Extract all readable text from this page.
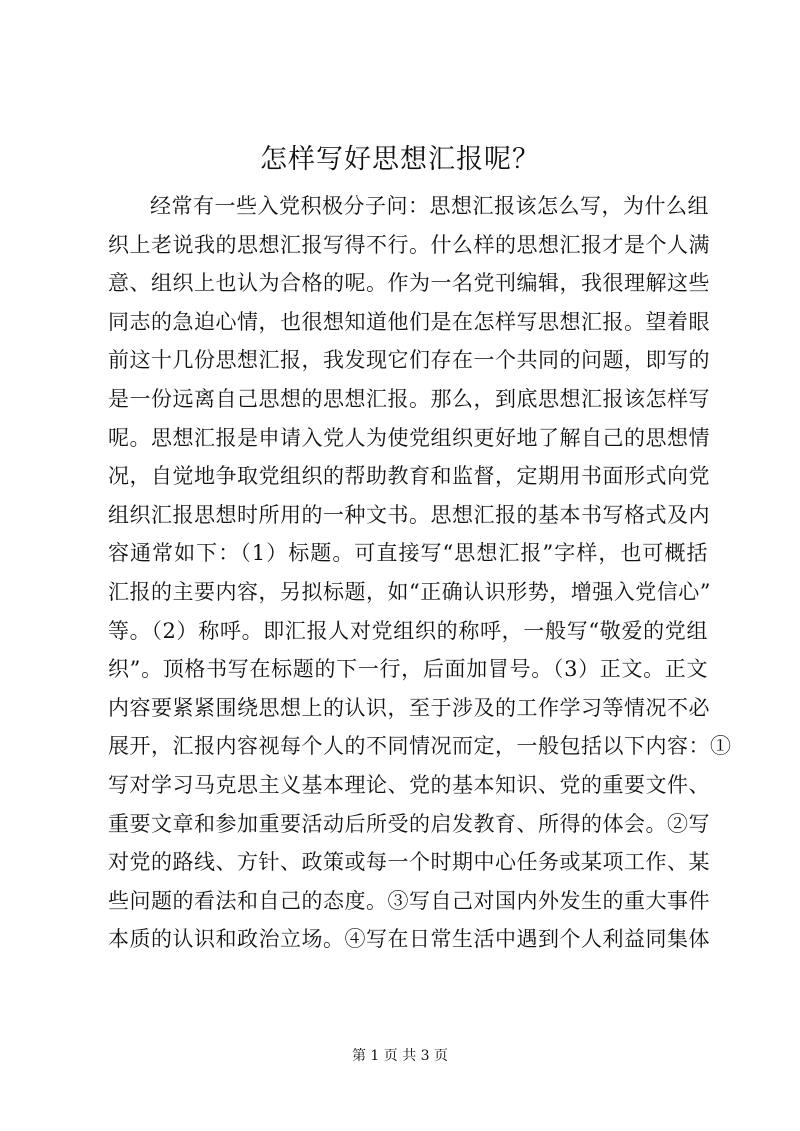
怎样写好思想汇报呢？
经常有一些入党积极分子问：思想汇报该怎么写，为什么组
织上老说我的思想汇报写得不行。什么样的思想汇报才是个人满
意、组织上也认为合格的呢。作为一名党刊编辑，我很理解这些
同志的急迫心情，也很想知道他们是在怎样写思想汇报。望着眼
前这十几份思想汇报，我发现它们存在一个共同的问题，即写的
是一份远离自己思想的思想汇报。那么，到底思想汇报该怎样写
呢。思想汇报是申请入党人为使党组织更好地了解自己的思想情
况，自觉地争取党组织的帮助教育和监督，定期用书面形式向党
组织汇报思想时所用的一种文书。思想汇报的基本书写格式及内
容通常如下：（1）标题。可直接写“思想汇报”字样，也可概括
汇报的主要内容，另拟标题，如“正确认识形势，增强入党信心”
等。（2）称呼。即汇报人对党组织的称呼，一般写“敬爱的党组
织”。顶格书写在标题的下一行，后面加冒号。（3）正文。正文
内容要紧紧围绕思想上的认识，至于涉及的工作学习等情况不必
展开，汇报内容视每个人的不同情况而定，一般包括以下内容：①
写对学习马克思主义基本理论、党的基本知识、党的重要文件、
重要文章和参加重要活动后所受的启发教育、所得的体会。②写
对党的路线、方针、政策或每一个时期中心任务或某项工作、某
些问题的看法和自己的态度。③写自己对国内外发生的重大事件
本质的认识和政治立场。④写在日常生活中遇到个人利益同集体
第 1 页 共 3 页
